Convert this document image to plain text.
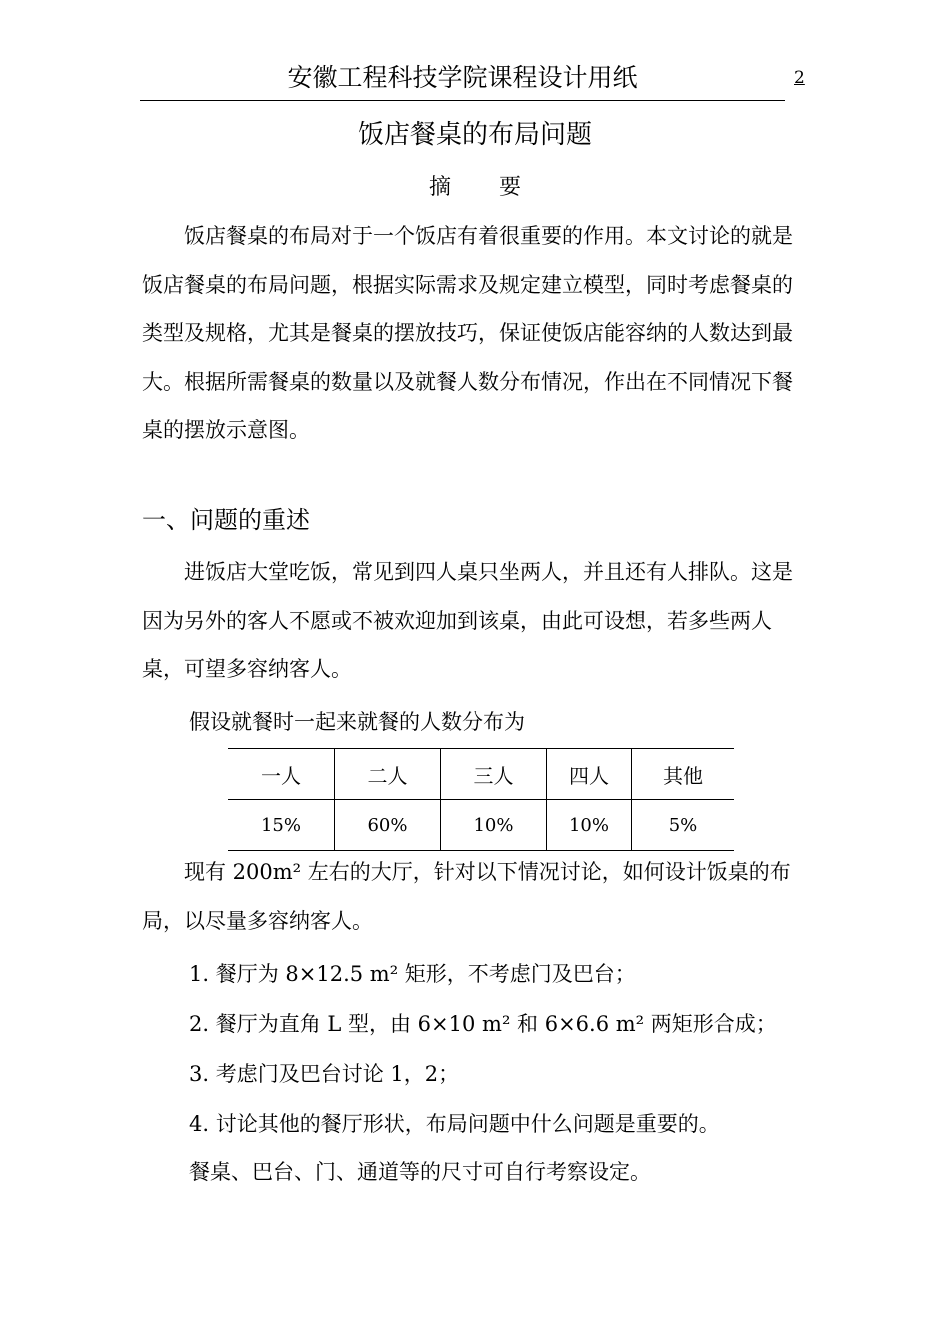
安徽工程科技学院课程设计用纸	2
饭店餐桌的布局问题
摘要

饭店餐桌的布局对于一个饭店有着很重要的作用。本文讨论的就是饭店餐桌的布局问题，根据实际需求及规定建立模型，同时考虑餐桌的类型及规格，尤其是餐桌的摆放技巧，保证使饭店能容纳的人数达到最大。根据所需餐桌的数量以及就餐人数分布情况，作出在不同情况下餐桌的摆放示意图。

一、问题的重述

进饭店大堂吃饭，常见到四人桌只坐两人，并且还有人排队。这是因为另外的客人不愿或不被欢迎加到该桌，由此可设想，若多些两人桌，可望多容纳客人。

假设就餐时一起来就餐的人数分布为
一人	二人	三人	四人	其他
15%	60%	10%	10%	5%

现有 200m² 左右的大厅，针对以下情况讨论，如何设计饭桌的布局，以尽量多容纳客人。

1. 餐厅为 8×12.5 m² 矩形，不考虑门及巴台；
2. 餐厅为直角 L 型，由 6×10 m² 和 6×6.6 m² 两矩形合成；
3. 考虑门及巴台讨论 1，2；
4. 讨论其他的餐厅形状，布局问题中什么问题是重要的。
餐桌、巴台、门、通道等的尺寸可自行考察设定。
